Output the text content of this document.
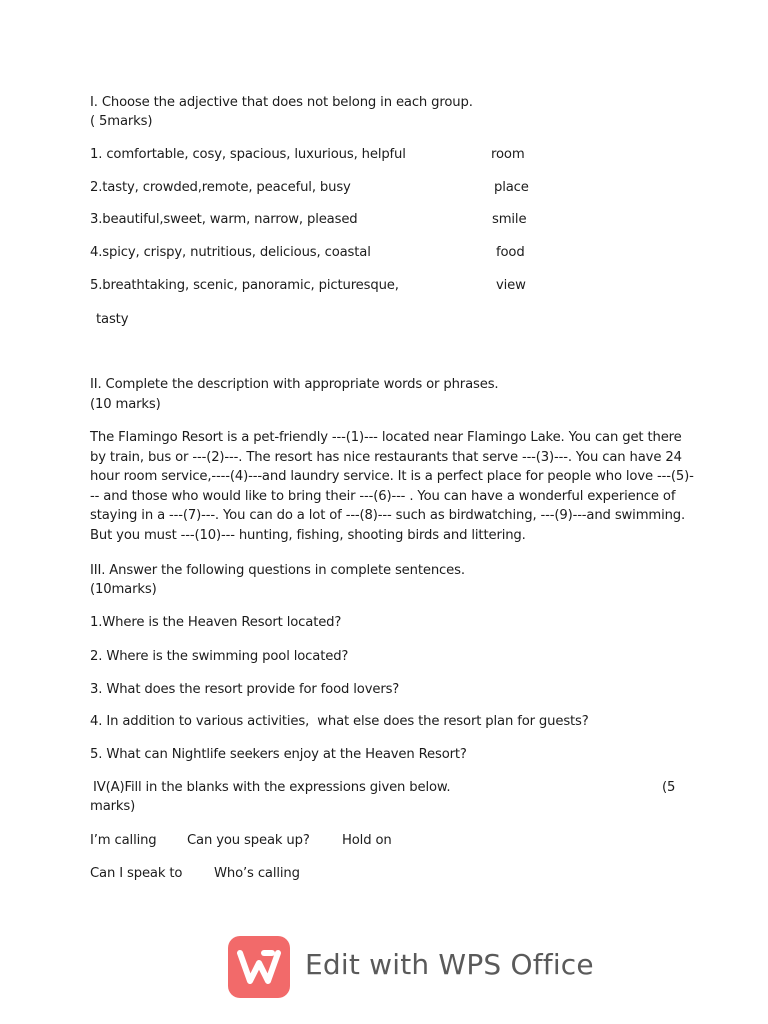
I. Choose the adjective that does not belong in each group.
( 5marks)
1. comfortable, cosy, spacious, luxurious, helpful	room
2.tasty, crowded,remote, peaceful, busy	place
3.beautiful,sweet, warm, narrow, pleased	smile
4.spicy, crispy, nutritious, delicious, coastal	food
5.breathtaking, scenic, panoramic, picturesque,	view
tasty
II. Complete the description with appropriate words or phrases.
(10 marks)
The Flamingo Resort is a pet-friendly ---(1)--- located near Flamingo Lake. You can get there
by train, bus or ---(2)---. The resort has nice restaurants that serve ---(3)---. You can have 24
hour room service,----(4)---and laundry service. It is a perfect place for people who love ---(5)-
-- and those who would like to bring their ---(6)--- . You can have a wonderful experience of
staying in a ---(7)---. You can do a lot of ---(8)--- such as birdwatching, ---(9)---and swimming.
But you must ---(10)--- hunting, fishing, shooting birds and littering.
III. Answer the following questions in complete sentences.
(10marks)
1.Where is the Heaven Resort located?
2. Where is the swimming pool located?
3. What does the resort provide for food lovers?
4. In addition to various activities,  what else does the resort plan for guests?
5. What can Nightlife seekers enjoy at the Heaven Resort?
IV(A)Fill in the blanks with the expressions given below.	(5
marks)
I’m calling Can you speak up? Hold on
Can I speak to Who’s calling
Edit with WPS Office
